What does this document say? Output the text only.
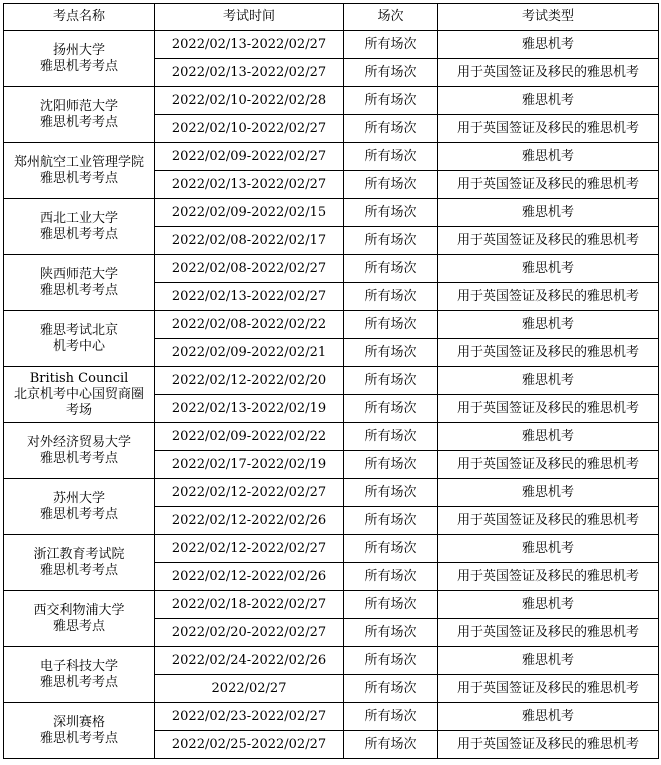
考点名称	考试时间	场次	考试类型

扬州大学
雅思机考考点	2022/02/13-2022/02/27	所有场次	雅思机考
	2022/02/13-2022/02/27	所有场次	用于英国签证及移民的雅思机考

沈阳师范大学
雅思机考考点	2022/02/10-2022/02/28	所有场次	雅思机考
	2022/02/10-2022/02/27	所有场次	用于英国签证及移民的雅思机考

郑州航空工业管理学院
雅思机考考点	2022/02/09-2022/02/27	所有场次	雅思机考
	2022/02/13-2022/02/27	所有场次	用于英国签证及移民的雅思机考

西北工业大学
雅思机考考点	2022/02/09-2022/02/15	所有场次	雅思机考
	2022/02/08-2022/02/17	所有场次	用于英国签证及移民的雅思机考

陕西师范大学
雅思机考考点	2022/02/08-2022/02/27	所有场次	雅思机考
	2022/02/13-2022/02/27	所有场次	用于英国签证及移民的雅思机考

雅思考试北京
机考中心	2022/02/08-2022/02/22	所有场次	雅思机考
	2022/02/09-2022/02/21	所有场次	用于英国签证及移民的雅思机考

British Council
北京机考中心国贸商圈
考场	2022/02/12-2022/02/20	所有场次	雅思机考
	2022/02/13-2022/02/19	所有场次	用于英国签证及移民的雅思机考

对外经济贸易大学
雅思机考考点	2022/02/09-2022/02/22	所有场次	雅思机考
	2022/02/17-2022/02/19	所有场次	用于英国签证及移民的雅思机考

苏州大学
雅思机考考点	2022/02/12-2022/02/27	所有场次	雅思机考
	2022/02/12-2022/02/26	所有场次	用于英国签证及移民的雅思机考

浙江教育考试院
雅思机考考点	2022/02/12-2022/02/27	所有场次	雅思机考
	2022/02/12-2022/02/26	所有场次	用于英国签证及移民的雅思机考

西交利物浦大学
雅思考点	2022/02/18-2022/02/27	所有场次	雅思机考
	2022/02/20-2022/02/27	所有场次	用于英国签证及移民的雅思机考

电子科技大学
雅思机考考点	2022/02/24-2022/02/26	所有场次	雅思机考
	2022/02/27	所有场次	用于英国签证及移民的雅思机考

深圳赛格
雅思机考考点	2022/02/23-2022/02/27	所有场次	雅思机考
	2022/02/25-2022/02/27	所有场次	用于英国签证及移民的雅思机考
